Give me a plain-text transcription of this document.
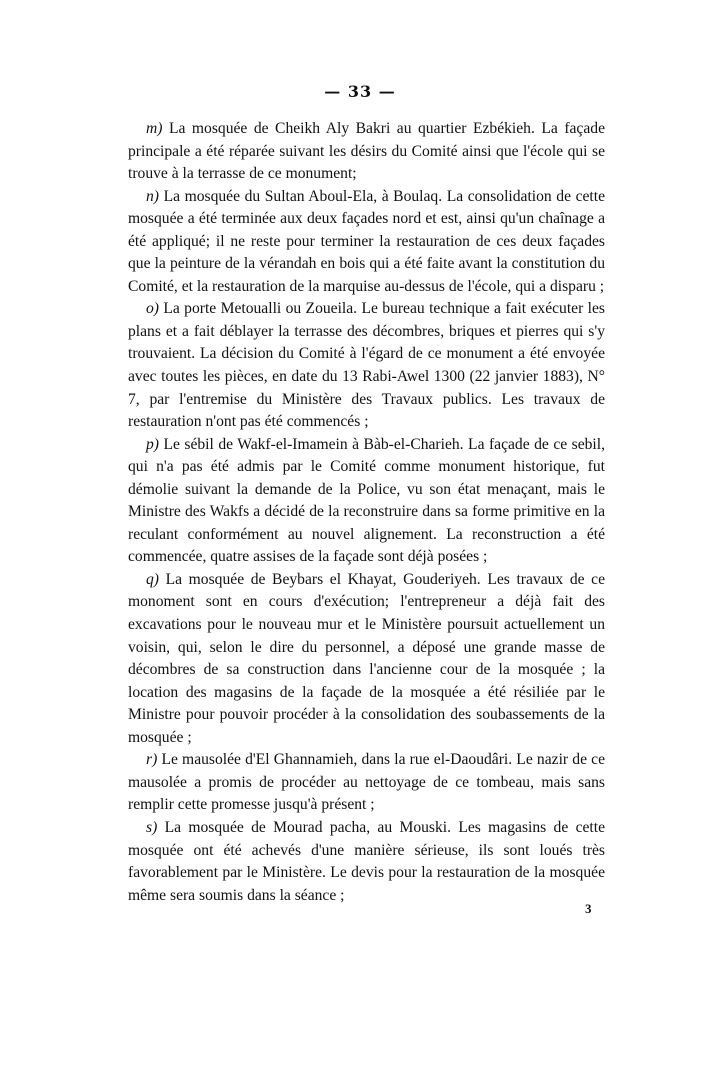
— 33 —

m) La mosquée de Cheikh Aly Bakri au quartier Ezbékieh. La façade principale a été réparée suivant les désirs du Comité ainsi que l'école qui se trouve à la terrasse de ce monument;

n) La mosquée du Sultan Aboul-Ela, à Boulaq. La consolidation de cette mosquée a été terminée aux deux façades nord et est, ainsi qu'un chaînage a été appliqué; il ne reste pour terminer la restauration de ces deux façades que la peinture de la vérandah en bois qui a été faite avant la constitution du Comité, et la restauration de la marquise au-dessus de l'école, qui a disparu ;

o) La porte Metoualli ou Zoueila. Le bureau technique a fait exécuter les plans et a fait déblayer la terrasse des décombres, briques et pierres qui s'y trouvaient. La décision du Comité à l'égard de ce monument a été envoyée avec toutes les pièces, en date du 13 Rabi-Awel 1300 (22 janvier 1883), N° 7, par l'entremise du Ministère des Travaux publics. Les travaux de restauration n'ont pas été commencés ;

p) Le sébil de Wakf-el-Imamein à Bàb-el-Charieh. La façade de ce sebil, qui n'a pas été admis par le Comité comme monument historique, fut démolie suivant la demande de la Police, vu son état menaçant, mais le Ministre des Wakfs a décidé de la reconstruire dans sa forme primitive en la reculant conformément au nouvel alignement. La reconstruction a été commencée, quatre assises de la façade sont déjà posées ;

q) La mosquée de Beybars el Khayat, Gouderiyeh. Les travaux de ce monoment sont en cours d'exécution; l'entrepreneur a déjà fait des excavations pour le nouveau mur et le Ministère poursuit actuellement un voisin, qui, selon le dire du personnel, a déposé une grande masse de décombres de sa construction dans l'ancienne cour de la mosquée ; la location des magasins de la façade de la mosquée a été résiliée par le Ministre pour pouvoir procéder à la consolidation des soubassements de la mosquée ;

r) Le mausolée d'El Ghannamieh, dans la rue el-Daoudâri. Le nazir de ce mausolée a promis de procéder au nettoyage de ce tombeau, mais sans remplir cette promesse jusqu'à présent ;

s) La mosquée de Mourad pacha, au Mouski. Les magasins de cette mosquée ont été achevés d'une manière sérieuse, ils sont loués très favorablement par le Ministère. Le devis pour la restauration de la mosquée même sera soumis dans la séance ;

3
